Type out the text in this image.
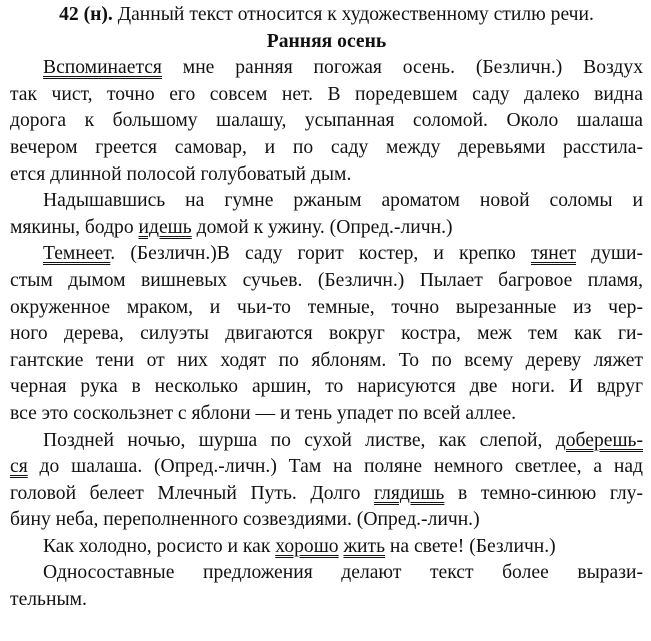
42 (н). Данный текст относится к художественному стилю речи.
Ранняя осень
Вспоминается мне ранняя погожая осень. (Безличн.) Воздух
так чист, точно его совсем нет. В поредевшем саду далеко видна
дорога к большому шалашу, усыпанная соломой. Около шалаша
вечером греется самовар, и по саду между деревьями расстила-
ется длинной полосой голубоватый дым.
Надышавшись на гумне ржаным ароматом новой соломы и
мякины, бодро идешь домой к ужину. (Опред.-личн.)
Темнеет. (Безличн.)В саду горит костер, и крепко тянет души-
стым дымом вишневых сучьев. (Безличн.) Пылает багровое пламя,
окруженное мраком, и чьи-то темные, точно вырезанные из чер-
ного дерева, силуэты двигаются вокруг костра, меж тем как ги-
гантские тени от них ходят по яблоням. То по всему дереву ляжет
черная рука в несколько аршин, то нарисуются две ноги. И вдруг
все это соскользнет с яблони — и тень упадет по всей аллее.
Поздней ночью, шурша по сухой листве, как слепой, доберешь-
ся до шалаша. (Опред.-личн.) Там на поляне немного светлее, а над
головой белеет Млечный Путь. Долго глядишь в темно-синюю глу-
бину неба, переполненного созвездиями. (Опред.-личн.)
Как холодно, росисто и как хорошо жить на свете! (Безличн.)
Односоставные предложения делают текст более вырази-
тельным.
